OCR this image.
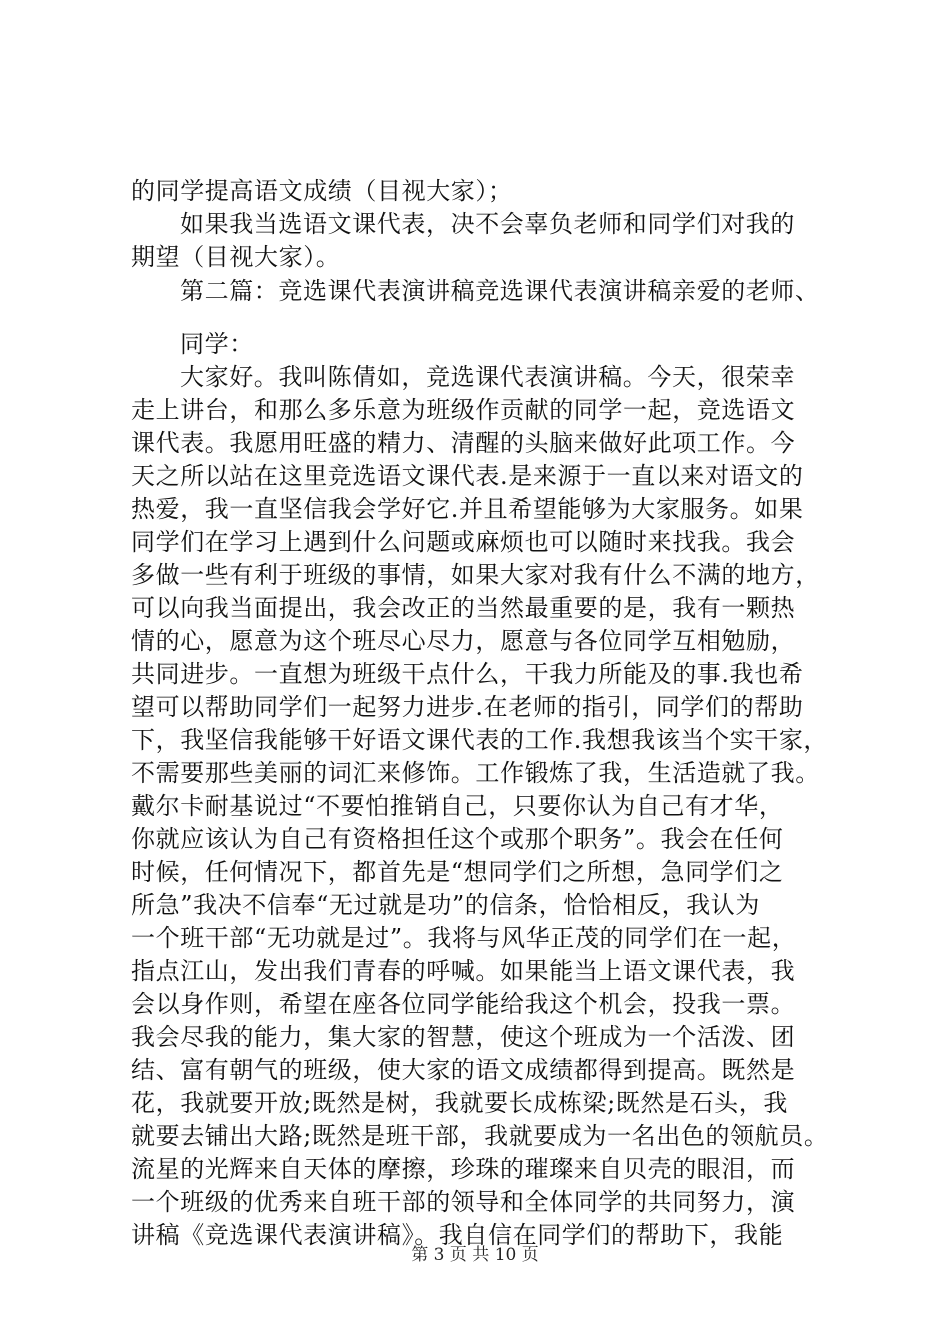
的同学提高语文成绩（目视大家）；
如果我当选语文课代表，决不会辜负老师和同学们对我的
期望（目视大家）。
第二篇：竞选课代表演讲稿竞选课代表演讲稿亲爱的老师、
同学：
大家好。我叫陈倩如，竞选课代表演讲稿。今天，很荣幸
走上讲台，和那么多乐意为班级作贡献的同学一起，竞选语文
课代表。我愿用旺盛的精力、清醒的头脑来做好此项工作。今
天之所以站在这里竞选语文课代表.是来源于一直以来对语文的
热爱，我一直坚信我会学好它.并且希望能够为大家服务。如果
同学们在学习上遇到什么问题或麻烦也可以随时来找我。我会
多做一些有利于班级的事情，如果大家对我有什么不满的地方，
可以向我当面提出，我会改正的当然最重要的是，我有一颗热
情的心，愿意为这个班尽心尽力，愿意与各位同学互相勉励，
共同进步。一直想为班级干点什么，干我力所能及的事.我也希
望可以帮助同学们一起努力进步.在老师的指引，同学们的帮助
下，我坚信我能够干好语文课代表的工作.我想我该当个实干家，
不需要那些美丽的词汇来修饰。工作锻炼了我，生活造就了我。
戴尔卡耐基说过“不要怕推销自己，只要你认为自己有才华，
你就应该认为自己有资格担任这个或那个职务”。我会在任何
时候，任何情况下，都首先是“想同学们之所想，急同学们之
所急”我决不信奉“无过就是功”的信条，恰恰相反，我认为
一个班干部“无功就是过”。我将与风华正茂的同学们在一起，
指点江山，发出我们青春的呼喊。如果能当上语文课代表，我
会以身作则，希望在座各位同学能给我这个机会，投我一票。
我会尽我的能力，集大家的智慧，使这个班成为一个活泼、团
结、富有朝气的班级，使大家的语文成绩都得到提高。既然是
花，我就要开放;既然是树，我就要长成栋梁;既然是石头，我
就要去铺出大路;既然是班干部，我就要成为一名出色的领航员。
流星的光辉来自天体的摩擦，珍珠的璀璨来自贝壳的眼泪，而
一个班级的优秀来自班干部的领导和全体同学的共同努力，演
讲稿《竞选课代表演讲稿》。我自信在同学们的帮助下，我能
第 3 页 共 10 页
